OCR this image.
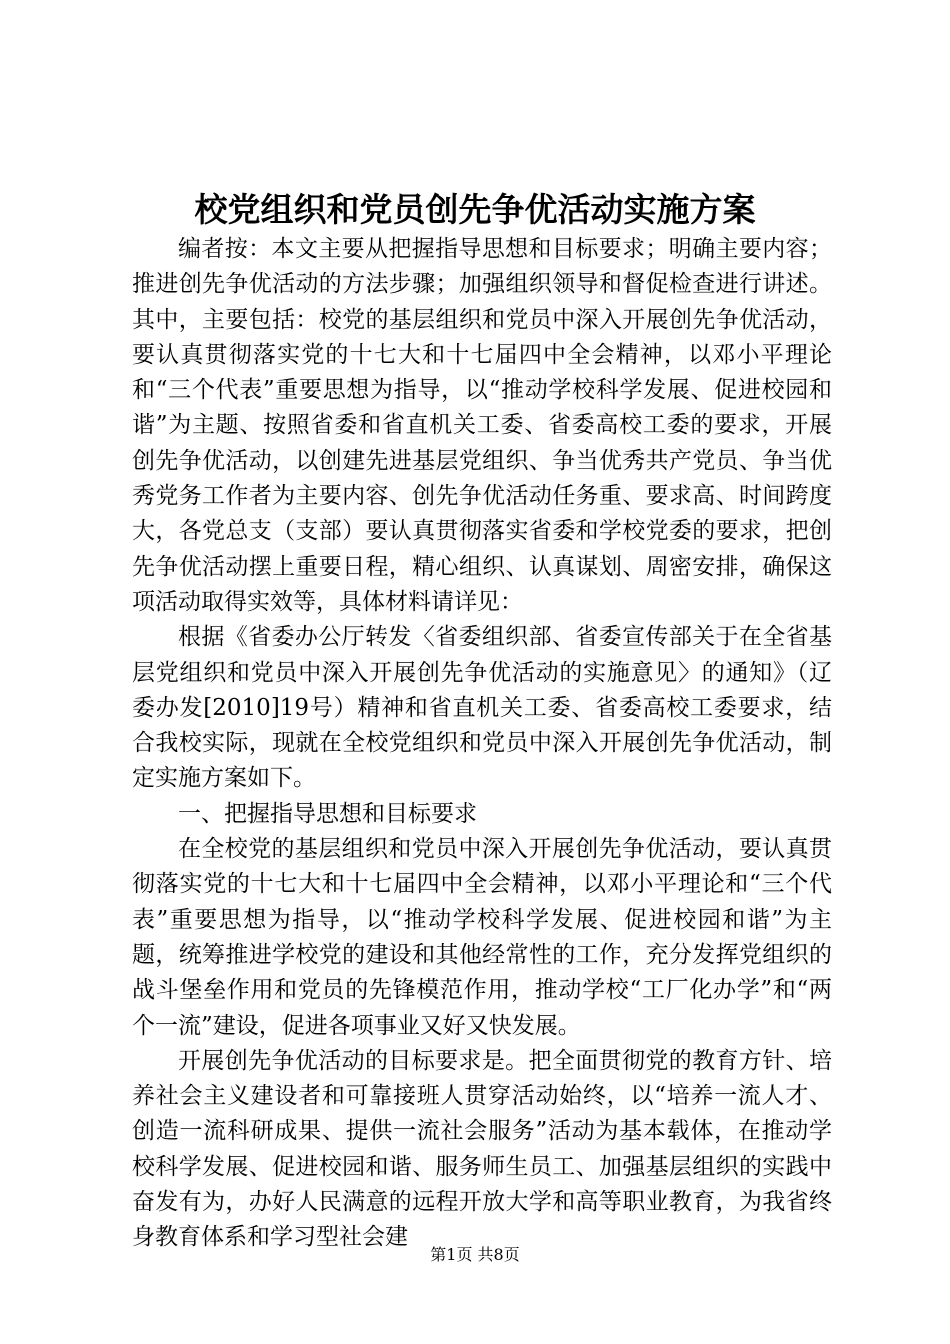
校党组织和党员创先争优活动实施方案

编者按：本文主要从把握指导思想和目标要求；明确主要内容；推进创先争优活动的方法步骤；加强组织领导和督促检查进行讲述。其中，主要包括：校党的基层组织和党员中深入开展创先争优活动，要认真贯彻落实党的十七大和十七届四中全会精神，以邓小平理论和“三个代表”重要思想为指导，以“推动学校科学发展、促进校园和谐”为主题、按照省委和省直机关工委、省委高校工委的要求，开展创先争优活动，以创建先进基层党组织、争当优秀共产党员、争当优秀党务工作者为主要内容、创先争优活动任务重、要求高、时间跨度大，各党总支（支部）要认真贯彻落实省委和学校党委的要求，把创先争优活动摆上重要日程，精心组织、认真谋划、周密安排，确保这项活动取得实效等，具体材料请详见：

根据《省委办公厅转发〈省委组织部、省委宣传部关于在全省基层党组织和党员中深入开展创先争优活动的实施意见〉的通知》（辽委办发[2010]19号）精神和省直机关工委、省委高校工委要求，结合我校实际，现就在全校党组织和党员中深入开展创先争优活动，制定实施方案如下。

一、把握指导思想和目标要求

在全校党的基层组织和党员中深入开展创先争优活动，要认真贯彻落实党的十七大和十七届四中全会精神，以邓小平理论和“三个代表”重要思想为指导，以“推动学校科学发展、促进校园和谐”为主题，统筹推进学校党的建设和其他经常性的工作，充分发挥党组织的战斗堡垒作用和党员的先锋模范作用，推动学校“工厂化办学”和“两个一流”建设，促进各项事业又好又快发展。

开展创先争优活动的目标要求是。把全面贯彻党的教育方针、培养社会主义建设者和可靠接班人贯穿活动始终，以“培养一流人才、创造一流科研成果、提供一流社会服务”活动为基本载体，在推动学校科学发展、促进校园和谐、服务师生员工、加强基层组织的实践中奋发有为，办好人民满意的远程开放大学和高等职业教育，为我省终身教育体系和学习型社会建

第1页 共8页
